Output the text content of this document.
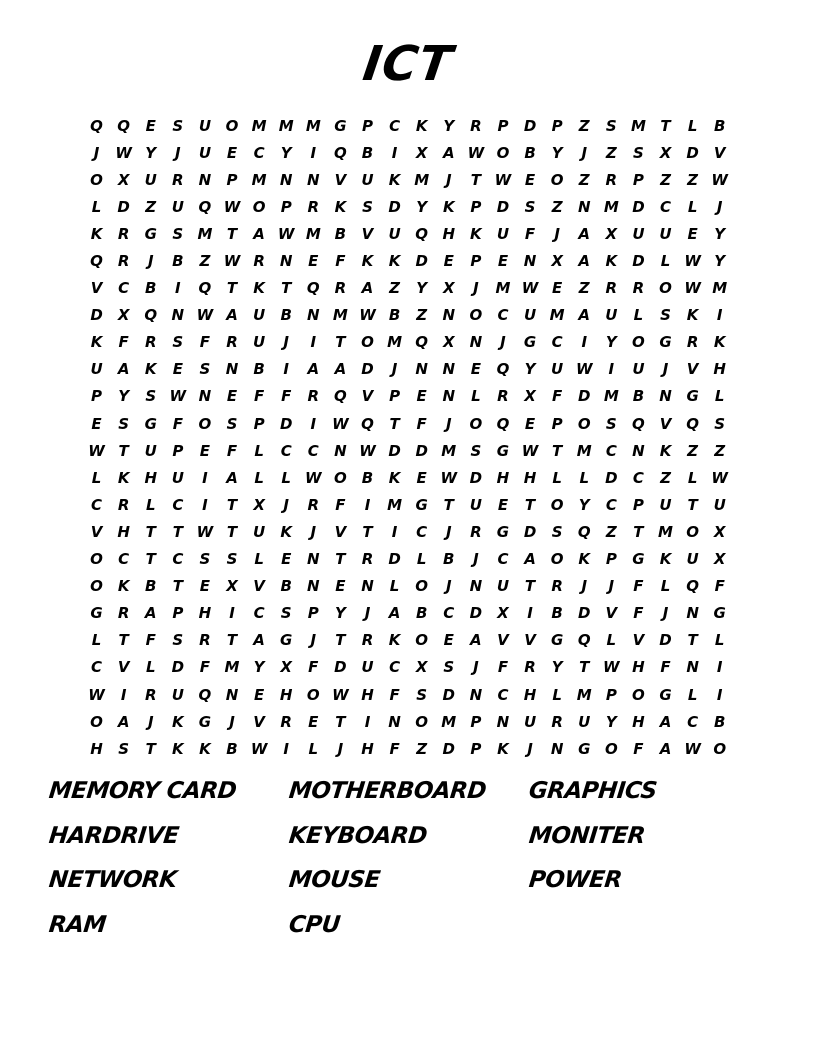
ICT
Q Q	E	S	U O M M M G	P	C	K	Y	R	P	D	P	Z	S M T	L	B
J	W Y	J	U	E	C	Y	I	Q	B	I	X	A W O	B	Y	J	Z	S	X	D	V
O X	U	R	N	P M N N	V	U	K M	J	T W E	O	Z	R	P	Z	Z W
L	D	Z	U Q W O	P	R	K	S	D	Y	K	P	D	S	Z	N M D	C	L	J
K	R	G	S M T	A W M B	V	U Q H	K	U	F	J	A	X	U U	E	Y
Q R	J	B	Z W R	N	E	F	K	K	D	E	P	E	N	X	A	K	D	L W Y
V	C	B	I	Q	T	K	T	Q R	A	Z	Y	X	J	M W E	Z	R	R O W M
D	X Q N W A	U	B	N M W B	Z	N O	C	U M A	U	L	S	K	I
K	F	R	S	F	R	U	J	I	T	O M Q X	N	J	G	C	I	Y	O G	R	K
U	A	K	E	S	N	B	I	A	A	D	J	N N	E	Q	Y	U W	I	U	J	V	H
P	Y	S W N	E	F	F	R Q V	P	E	N	L	R	X	F	D M B	N G	L
E	S	G	F	O	S	P	D	I	W Q	T	F	J	O Q	E	P	O	S	Q V Q	S
W T	U	P	E	F	L	C	C	N W D D M S	G W T M C	N	K	Z	Z
L	K	H U	I	A	L	L W O	B	K	E W D H H	L	L	D	C	Z	L W
C	R	L	C	I	T	X	J	R	F	I	M G	T	U	E	T	O	Y	C	P	U	T	U
V	H	T	T W T	U	K	J	V	T	I	C	J	R	G D	S	Q	Z	T M O X
O	C	T	C	S	S	L	E	N	T	R	D	L	B	J	C	A O K	P	G	K	U	X
O K	B	T	E	X	V	B	N	E	N	L	O	J	N U	T	R	J	J	F	L	Q	F
G	R	A	P	H	I	C	S	P	Y	J	A	B	C	D	X	I	B	D	V	F	J	N G
L	T	F	S	R	T	A	G	J	T	R	K O	E	A	V	V	G Q	L	V	D	T	L
C	V	L	D	F M Y	X	F	D U	C	X	S	J	F	R	Y	T W H	F	N	I
W	I	R	U Q N	E	H O W H	F	S	D N	C	H	L M P	O G	L	I
O A	J	K	G	J	V	R	E	T	I	N O M P	N U	R	U	Y	H	A	C	B
H	S	T	K	K	B W	I	L	J	H	F	Z	D	P	K	J	N G O	F	A W O
MEMORY CARD	MOTHERBOARD	GRAPHICS
HARDRIVE	KEYBOARD	MONITER
NETWORK	MOUSE	POWER
RAM	CPU
